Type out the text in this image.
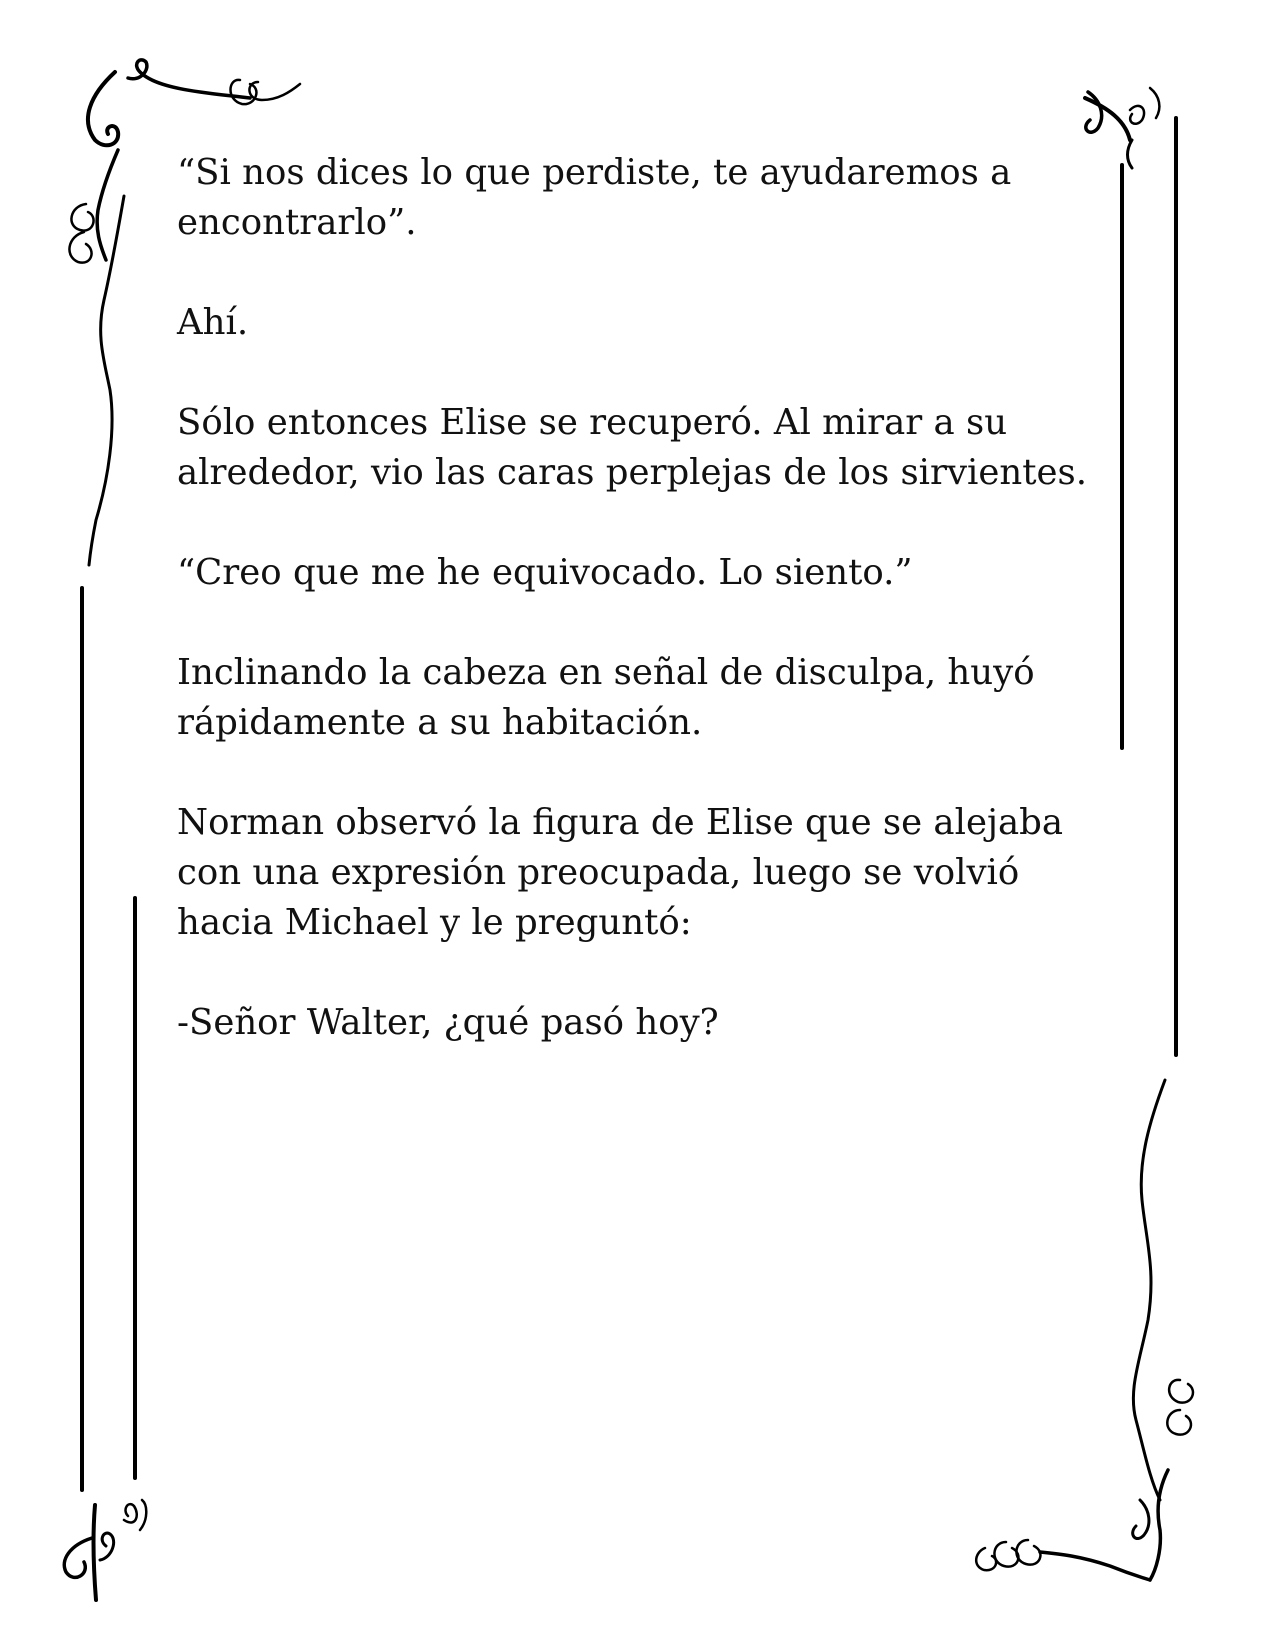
“Si nos dices lo que perdiste, te ayudaremos a encontrarlo”.

Ahí.

Sólo entonces Elise se recuperó. Al mirar a su alrededor, vio las caras perplejas de los sirvientes.

“Creo que me he equivocado. Lo siento.”

Inclinando la cabeza en señal de disculpa, huyó rápidamente a su habitación.

Norman observó la figura de Elise que se alejaba con una expresión preocupada, luego se volvió hacia Michael y le preguntó:

-Señor Walter, ¿qué pasó hoy?
